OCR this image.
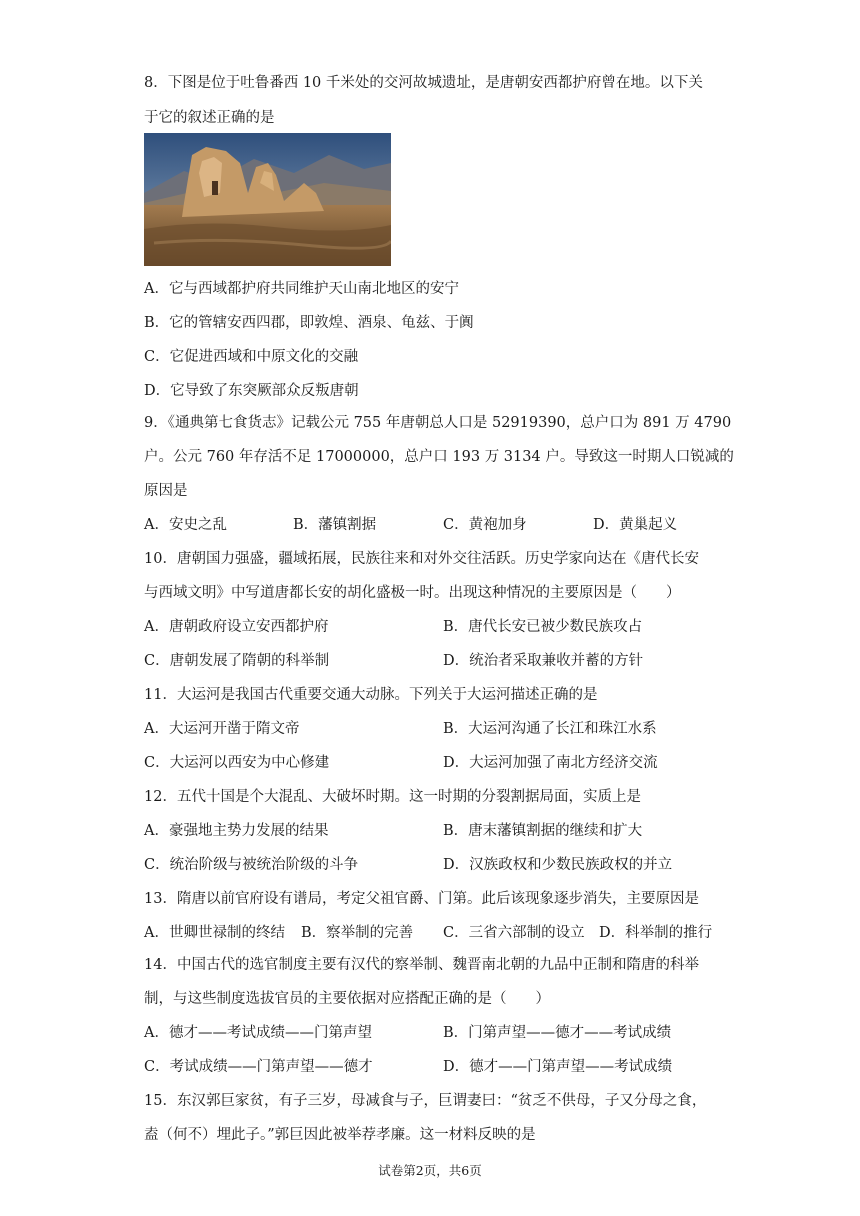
8．下图是位于吐鲁番西 10 千米处的交河故城遗址，是唐朝安西都护府曾在地。以下关
于它的叙述正确的是
A．它与西域都护府共同维护天山南北地区的安宁
B．它的管辖安西四郡，即敦煌、酒泉、龟兹、于阗
C．它促进西域和中原文化的交融
D．它导致了东突厥部众反叛唐朝
9．《通典第七食货志》记载公元 755 年唐朝总人口是 52919390，总户口为 891 万 4790
户。公元 760 年存活不足 17000000，总户口 193 万 3134 户。导致这一时期人口锐减的
原因是
A．安史之乱	B．藩镇割据	C．黄袍加身	D．黄巢起义
10．唐朝国力强盛，疆域拓展，民族往来和对外交往活跃。历史学家向达在《唐代长安
与西域文明》中写道唐都长安的胡化盛极一时。出现这种情况的主要原因是（　　）
A．唐朝政府设立安西都护府	B．唐代长安已被少数民族攻占
C．唐朝发展了隋朝的科举制	D．统治者采取兼收并蓄的方针
11．大运河是我国古代重要交通大动脉。下列关于大运河描述正确的是
A．大运河开凿于隋文帝	B．大运河沟通了长江和珠江水系
C．大运河以西安为中心修建	D．大运河加强了南北方经济交流
12．五代十国是个大混乱、大破坏时期。这一时期的分裂割据局面，实质上是
A．豪强地主势力发展的结果	B．唐末藩镇割据的继续和扩大
C．统治阶级与被统治阶级的斗争	D．汉族政权和少数民族政权的并立
13．隋唐以前官府设有谱局，考定父祖官爵、门第。此后该现象逐步消失，主要原因是
A．世卿世禄制的终结 B．察举制的完善 C．三省六部制的设立 D．科举制的推行
14．中国古代的选官制度主要有汉代的察举制、魏晋南北朝的九品中正制和隋唐的科举
制，与这些制度选拔官员的主要依据对应搭配正确的是（　　）
A．德才——考试成绩——门第声望	B．门第声望——德才——考试成绩
C．考试成绩——门第声望——德才	D．德才——门第声望——考试成绩
15．东汉郭巨家贫，有子三岁，母减食与子，巨谓妻曰：“贫乏不供母，子又分母之食，
盍（何不）埋此子。”郭巨因此被举荐孝廉。这一材料反映的是
试卷第2页，共6页
